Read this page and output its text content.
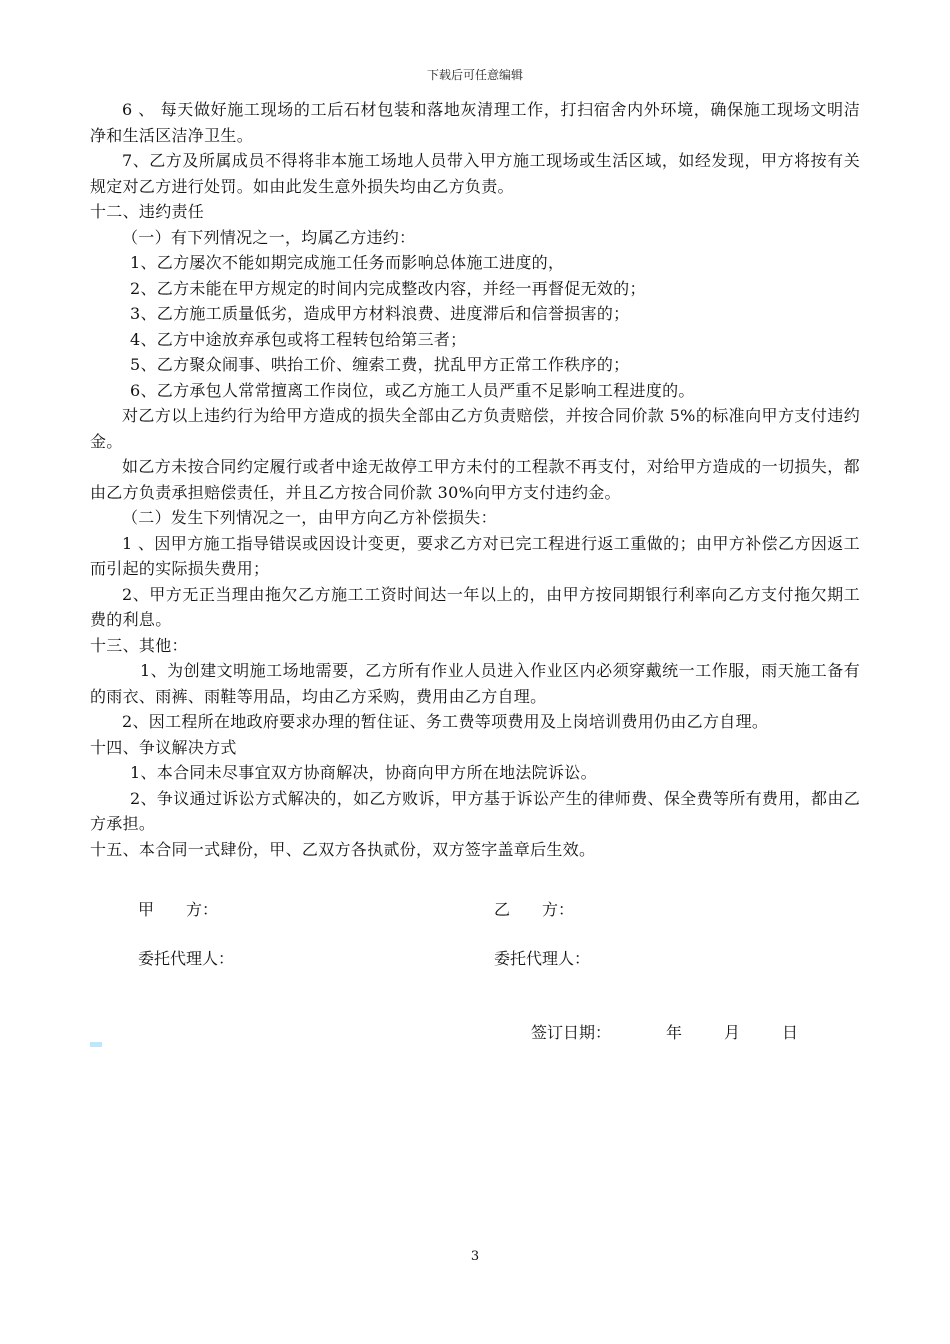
下载后可任意编辑

6 、 每天做好施工现场的工后石材包装和落地灰清理工作，打扫宿舍内外环境，确保施工现场文明洁净和生活区洁净卫生。

7、乙方及所属成员不得将非本施工场地人员带入甲方施工现场或生活区域，如经发现，甲方将按有关规定对乙方进行处罚。如由此发生意外损失均由乙方负责。

十二、违约责任

（一）有下列情况之一，均属乙方违约：

1、乙方屡次不能如期完成施工任务而影响总体施工进度的，

2、乙方未能在甲方规定的时间内完成整改内容，并经一再督促无效的；

3、乙方施工质量低劣，造成甲方材料浪费、进度滞后和信誉损害的；

4、乙方中途放弃承包或将工程转包给第三者；

5、乙方聚众闹事、哄抬工价、缠索工费，扰乱甲方正常工作秩序的；

6、乙方承包人常常擅离工作岗位，或乙方施工人员严重不足影响工程进度的。

对乙方以上违约行为给甲方造成的损失全部由乙方负责赔偿，并按合同价款 5%的标准向甲方支付违约金。

如乙方未按合同约定履行或者中途无故停工甲方未付的工程款不再支付，对给甲方造成的一切损失，都由乙方负责承担赔偿责任，并且乙方按合同价款 30%向甲方支付违约金。

（二）发生下列情况之一，由甲方向乙方补偿损失：

1 、因甲方施工指导错误或因设计变更，要求乙方对已完工程进行返工重做的；由甲方补偿乙方因返工而引起的实际损失费用；

2、甲方无正当理由拖欠乙方施工工资时间达一年以上的，由甲方按同期银行利率向乙方支付拖欠期工费的利息。

十三、其他：

1、为创建文明施工场地需要，乙方所有作业人员进入作业区内必须穿戴统一工作服，雨天施工备有的雨衣、雨裤、雨鞋等用品，均由乙方采购，费用由乙方自理。

2、因工程所在地政府要求办理的暂住证、务工费等项费用及上岗培训费用仍由乙方自理。

十四、争议解决方式

1、本合同未尽事宜双方协商解决，协商向甲方所在地法院诉讼。

2、争议通过诉讼方式解决的，如乙方败诉，甲方基于诉讼产生的律师费、保全费等所有费用，都由乙方承担。

十五、本合同一式肆份，甲、乙双方各执贰份，双方签字盖章后生效。

甲　　方：	乙　　方：
委托代理人：	委托代理人：
签订日期：	年	月	日
3
